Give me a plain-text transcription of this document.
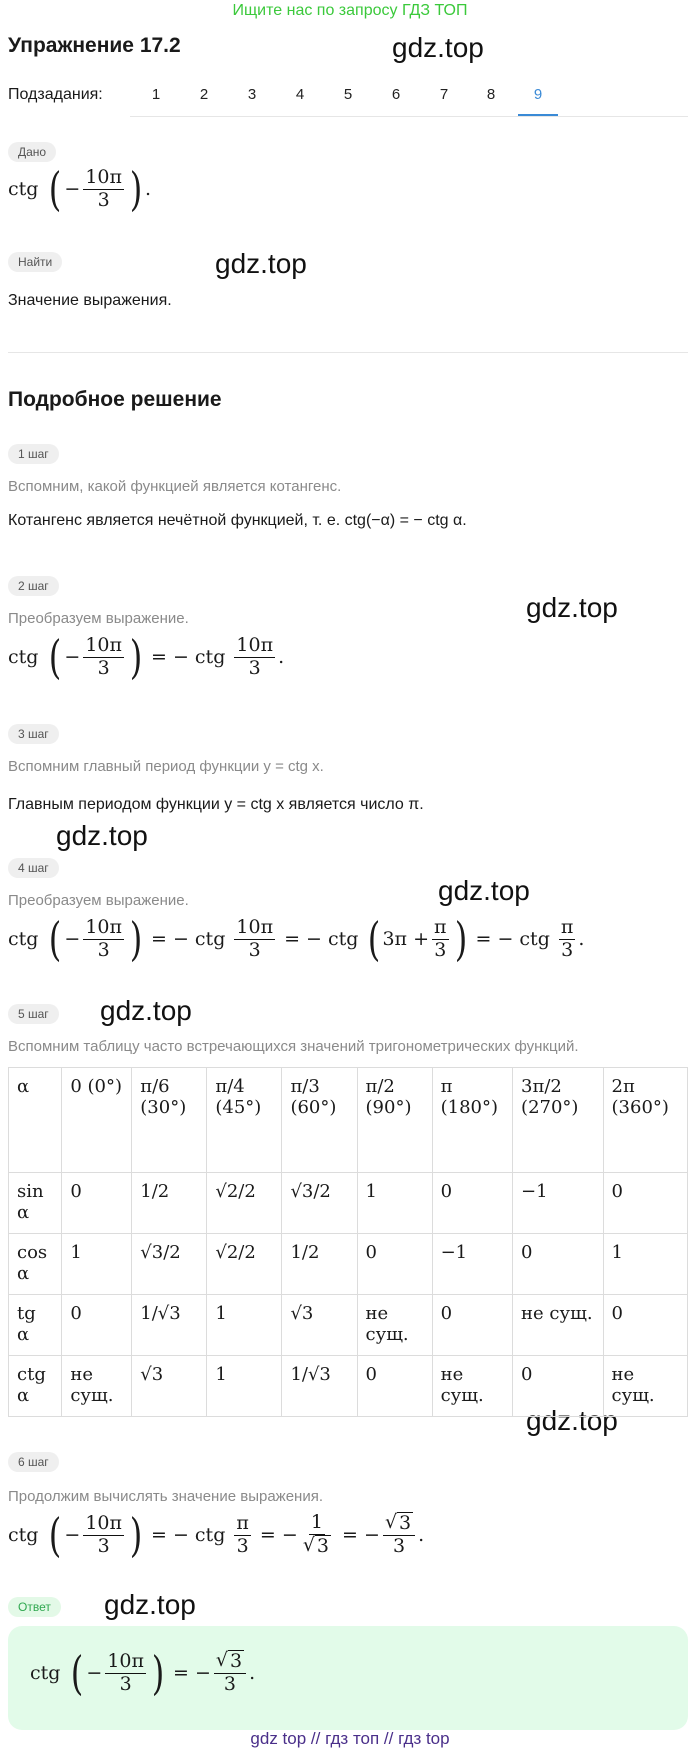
Ищите нас по запросу ГДЗ ТОП
Упражнение 17.2	gdz.top
gdz.top
gdz.top
gdz.top
gdz.top
gdz.top
gdz.top
gdz.top
Подзадания:	1	2	3	4	5	6	7	8	9
Дано
ctg ( − $\frac{10\pi}{3}$ ) .
Найти
Значение выражения.
Подробное решение
1 шаг
Вспомним, какой функцией является котангенс.
Котангенс является нечётной функцией, т. е. ctg(−α) = − ctg α.
2 шаг
Преобразуем выражение.
ctg ( − $\frac{10\pi}{3}$ ) = − ctg $\frac{10\pi}{3}$ .
3 шаг
Вспомним главный период функции y = ctg x.
Главным периодом функции y = ctg x является число π.
4 шаг
Преобразуем выражение.
ctg ( − $\frac{10\pi}{3}$ ) = − ctg $\frac{10\pi}{3}$ = − ctg ( $3\pi + \frac{\pi}{3}$ ) = − ctg $\frac{\pi}{3}$ .
5 шаг
Вспомним таблицу часто встречающихся значений тригонометрических функций.
α	0 (0°)	π/6 (30°)	π/4 (45°)	π/3 (60°)	π/2 (90°)	π (180°)	3π/2 (270°)	2π (360°)
sin α	0	1/2	√2/2	√3/2	1	0	−1	0
cos α	1	√3/2	√2/2	1/2	0	−1	0	1
tg α	0	1/√3	1	√3	не сущ.	0	не сущ.	0
ctg α	не сущ.	√3	1	1/√3	0	не сущ.	0	не сущ.
6 шаг
Продолжим вычислять значение выражения.
ctg ( − $\frac{10\pi}{3}$ ) = − ctg $\frac{\pi}{3}$ = − $\frac{1}{√ 3}$ = − $\frac{√ 3}{3}$ .
Ответ
ctg ( − $\frac{10\pi}{3}$ ) = − $\frac{√ 3}{3}$ .
gdz top // гдз топ // гдз top
